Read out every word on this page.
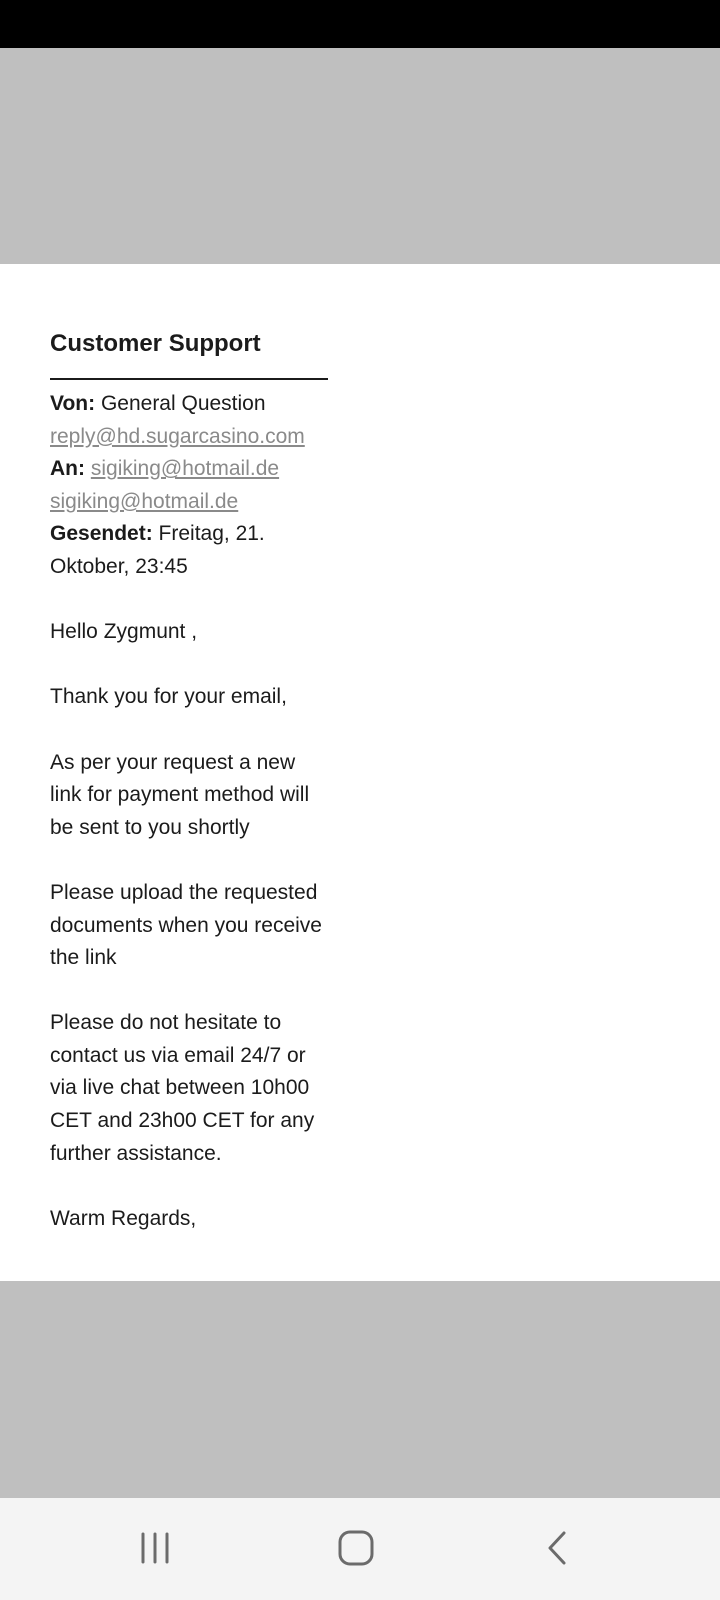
Customer Support
Von: General Question
reply@hd.sugarcasino.com
An: sigiking@hotmail.de
sigiking@hotmail.de
Gesendet: Freitag, 21. Oktober, 23:45
Hello Zygmunt ,
Thank you for your email,
As per your request a new link for payment method will be sent to you shortly
Please upload the requested documents when you receive the link
Please do not hesitate to contact us via email 24/7 or via live chat between 10h00 CET and 23h00 CET for any further assistance.
Warm Regards,
